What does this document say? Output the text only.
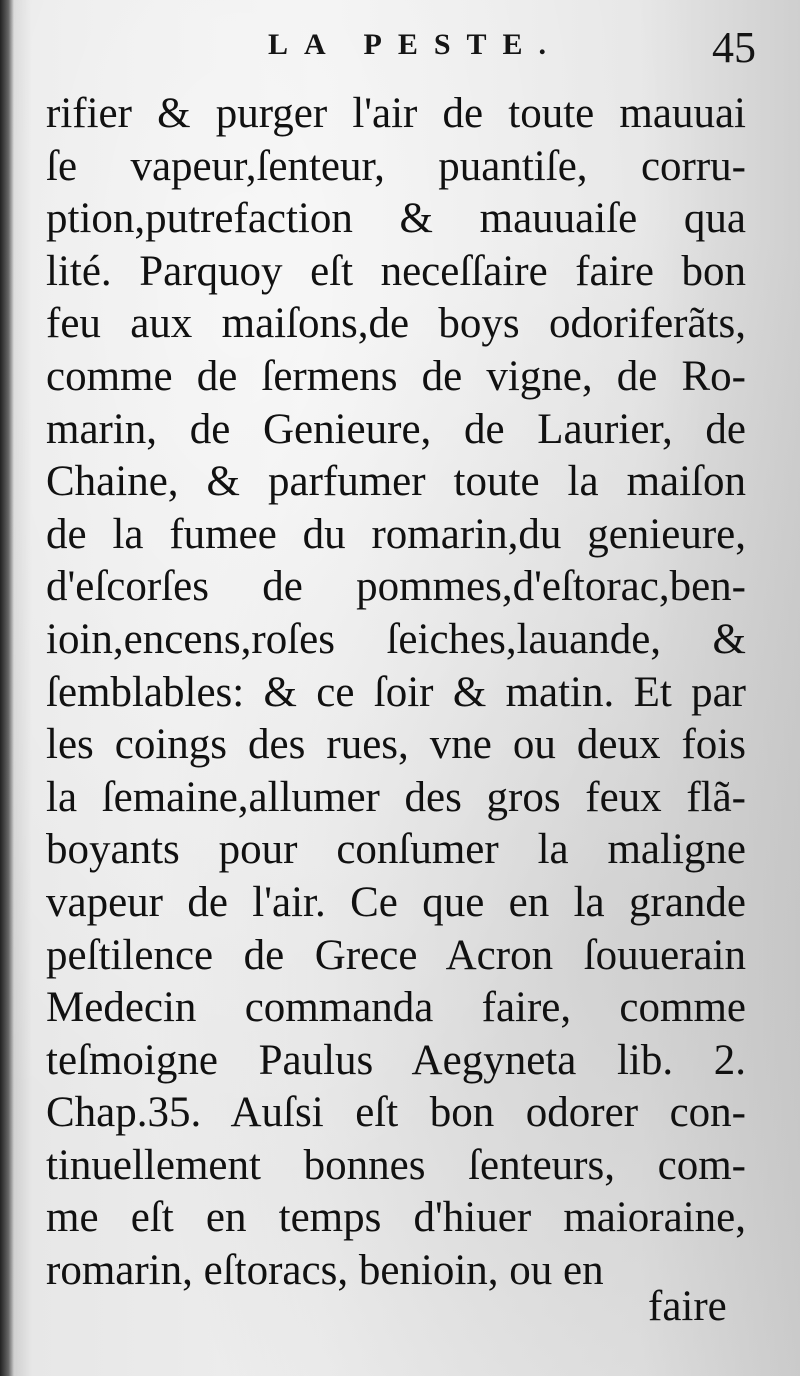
LA PESTE.	45
rifier & purger l'air de toute mauuai
ſe vapeur,ſenteur, puantiſe, corru-
ption,putrefaction & mauuaiſe qua
lité. Parquoy eſt neceſſaire faire bon
feu aux maiſons,de boys odoriferãts,
comme de ſermens de vigne, de Ro-
marin, de Genieure, de Laurier, de
Chaine, & parfumer toute la maiſon
de la fumee du romarin,du genieure,
d'eſcorſes de pommes,d'eſtorac,ben-
ioin,encens,roſes ſeiches,lauande, &
ſemblables: & ce ſoir & matin. Et par
les coings des rues, vne ou deux fois
la ſemaine,allumer des gros feux flã-
boyants pour conſumer la maligne
vapeur de l'air. Ce que en la grande
peſtilence de Grece Acron ſouuerain
Medecin commanda faire, comme
teſmoigne Paulus Aegyneta lib. 2.
Chap.35. Auſsi eſt bon odorer con-
tinuellement bonnes ſenteurs, com-
me eſt en temps d'hiuer maioraine,
romarin, eſtoracs, benioin, ou en
faire
